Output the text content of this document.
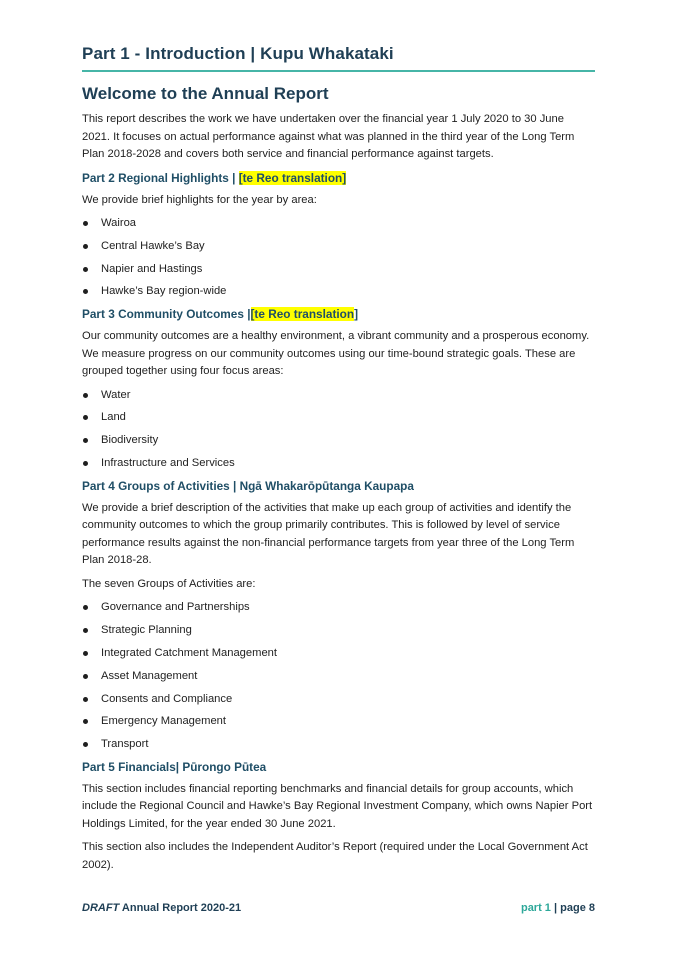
Part 1 - Introduction | Kupu Whakataki
Welcome to the Annual Report

This report describes the work we have undertaken over the financial year 1 July 2020 to 30 June 2021. It focuses on actual performance against what was planned in the third year of the Long Term Plan 2018-2028 and covers both service and financial performance against targets.

Part 2 Regional Highlights | [te Reo translation]

We provide brief highlights for the year by area:

Wairoa
Central Hawke’s Bay
Napier and Hastings
Hawke’s Bay region-wide
Part 3 Community Outcomes |[te Reo translation]

Our community outcomes are a healthy environment, a vibrant community and a prosperous economy. We measure progress on our community outcomes using our time-bound strategic goals. These are grouped together using four focus areas:

Water
Land
Biodiversity
Infrastructure and Services
Part 4 Groups of Activities | Ngā Whakarōpūtanga Kaupapa

We provide a brief description of the activities that make up each group of activities and identify the community outcomes to which the group primarily contributes. This is followed by level of service performance results against the non-financial performance targets from year three of the Long Term Plan 2018-28.

The seven Groups of Activities are:

Governance and Partnerships
Strategic Planning
Integrated Catchment Management
Asset Management
Consents and Compliance
Emergency Management
Transport
Part 5 Financials| Pūrongo Pūtea

This section includes financial reporting benchmarks and financial details for group accounts, which include the Regional Council and Hawke’s Bay Regional Investment Company, which owns Napier Port Holdings Limited, for the year ended 30 June 2021.

This section also includes the Independent Auditor’s Report (required under the Local Government Act 2002).

DRAFT Annual Report 2020-21	part 1 | page 8
